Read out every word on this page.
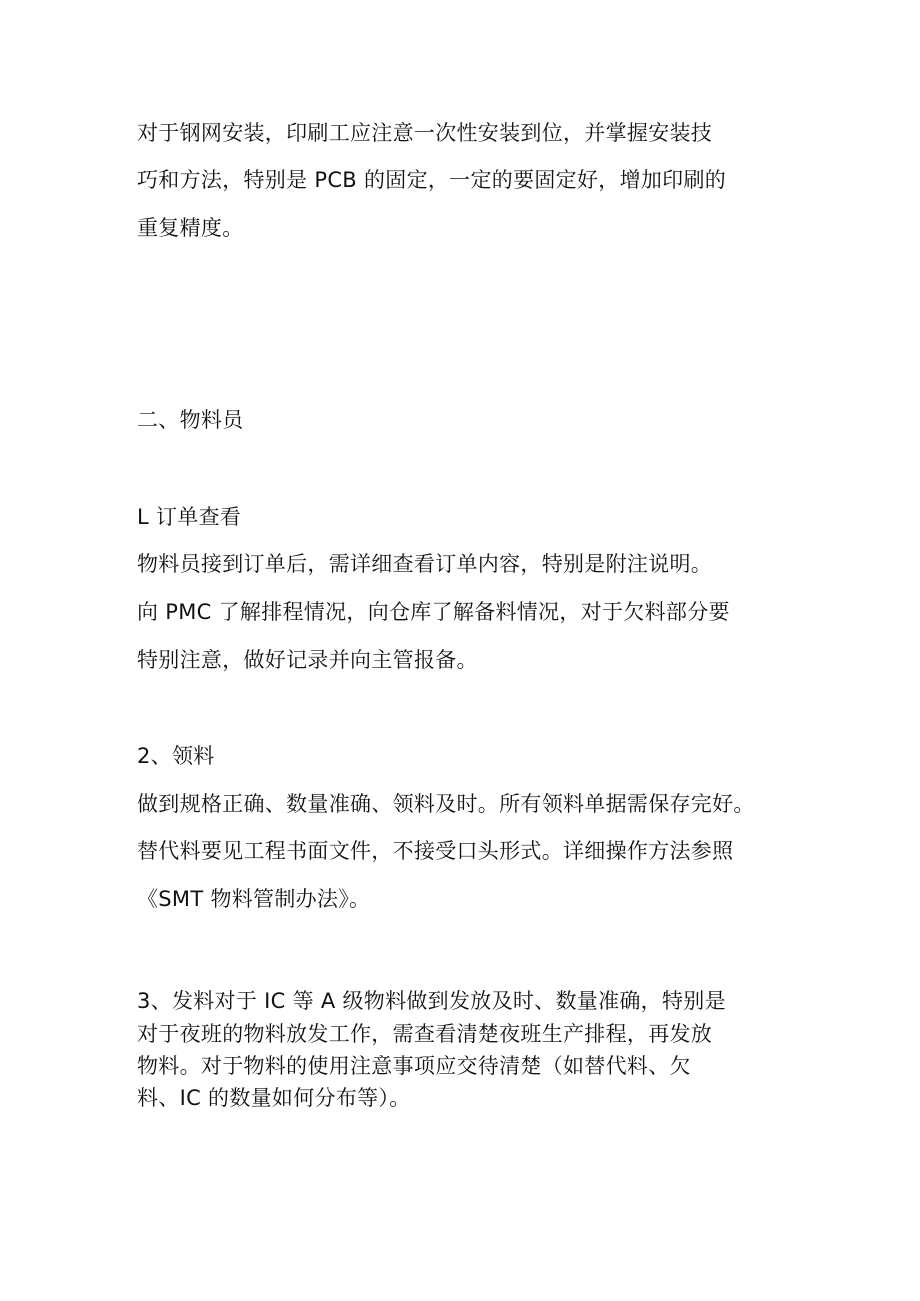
对于钢网安装，印刷工应注意一次性安装到位，并掌握安装技
巧和方法，特别是 PCB 的固定，一定的要固定好，增加印刷的
重复精度。
二、物料员
L 订单查看
物料员接到订单后，需详细查看订单内容，特别是附注说明。
向 PMC 了解排程情况，向仓库了解备料情况，对于欠料部分要
特别注意，做好记录并向主管报备。
2、领料
做到规格正确、数量准确、领料及时。所有领料单据需保存完好。
替代料要见工程书面文件，不接受口头形式。详细操作方法参照
《SMT 物料管制办法》。
3、发料对于 IC 等 A 级物料做到发放及时、数量准确，特别是
对于夜班的物料放发工作，需查看清楚夜班生产排程，再发放
物料。对于物料的使用注意事项应交待清楚（如替代料、欠
料、IC 的数量如何分布等）。
